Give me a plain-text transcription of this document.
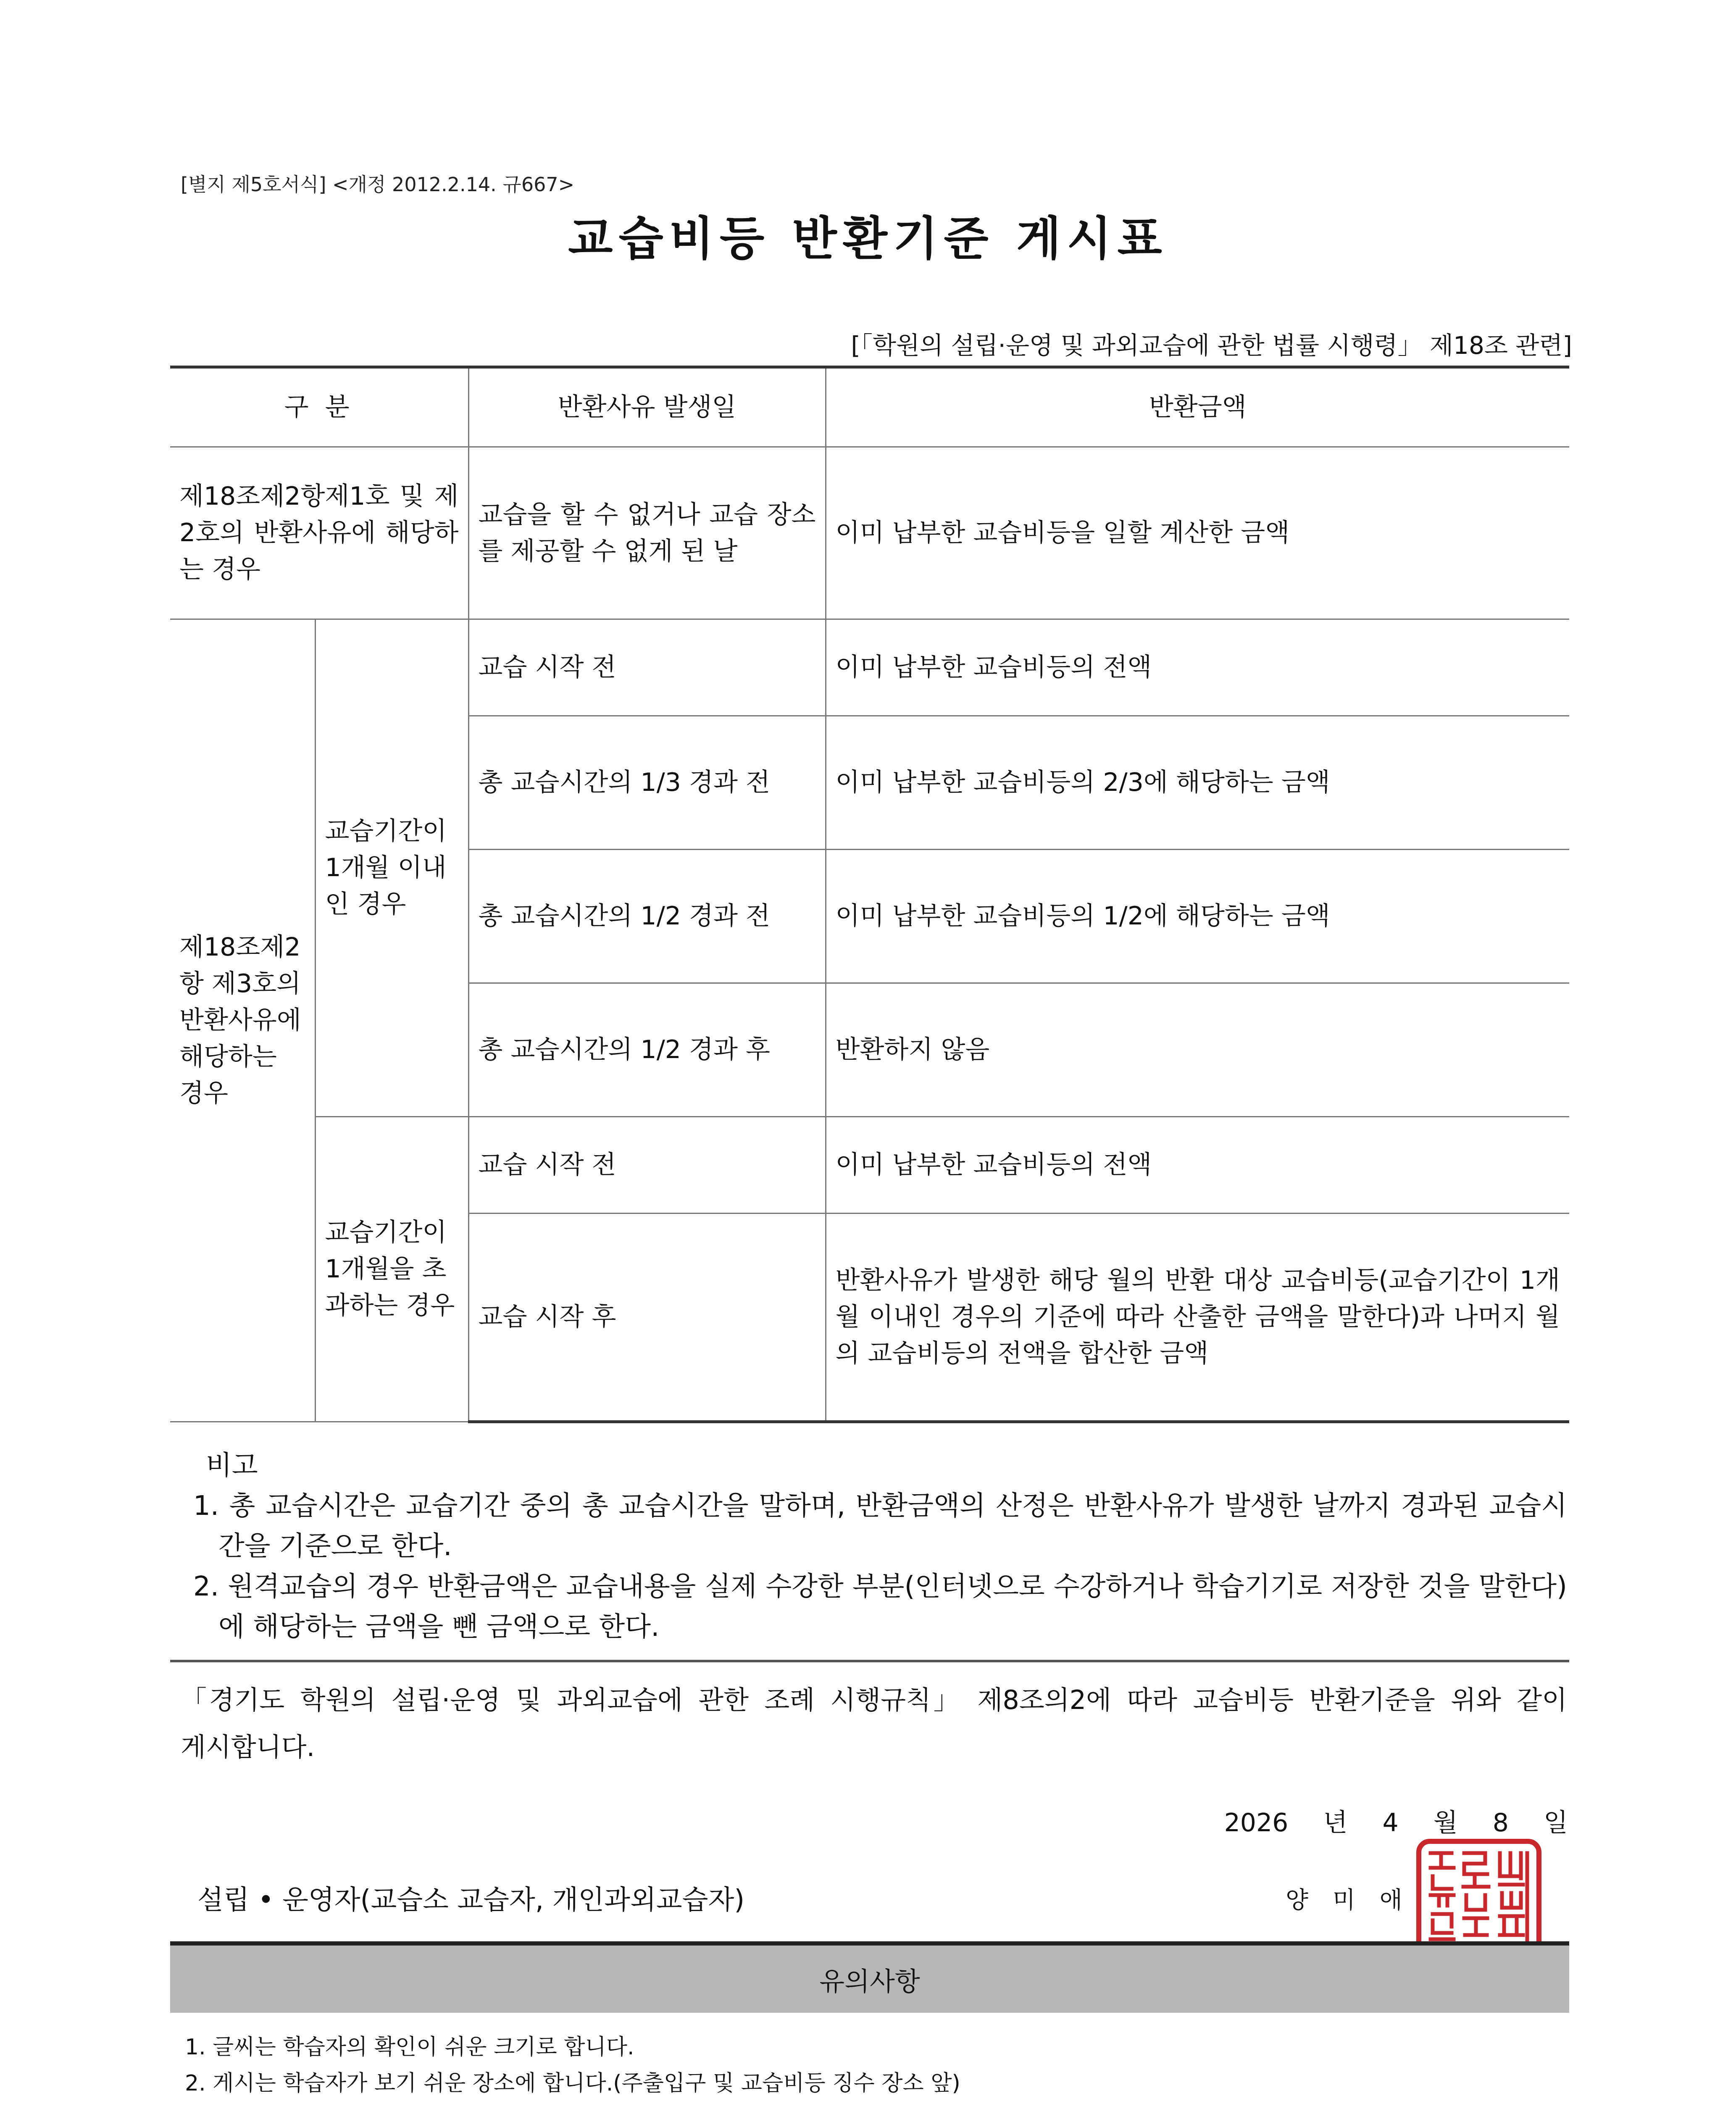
[별지 제5호서식] <개정 2012.2.14. 규667>
교습비등 반환기준 게시표
[「학원의 설립·운영 및 과외교습에 관한 법률 시행령」 제18조 관련]
구 분		반환사유 발생일	반환금액
제18조제2항제1호 및 제2호의 반환사유에 해당하는 경우		교습을 할 수 없거나 교습 장소를 제공할 수 없게 된 날	이미 납부한 교습비등을 일할 계산한 금액
제18조제2항 제3호의 반환사유에 해당하는 경우	교습기간이 1개월 이내인 경우	교습 시작 전	이미 납부한 교습비등의 전액
		총 교습시간의 1/3 경과 전	이미 납부한 교습비등의 2/3에 해당하는 금액
		총 교습시간의 1/2 경과 전	이미 납부한 교습비등의 1/2에 해당하는 금액
		총 교습시간의 1/2 경과 후	반환하지 않음
	교습기간이 1개월을 초과하는 경우	교습 시작 전	이미 납부한 교습비등의 전액
		교습 시작 후	반환사유가 발생한 해당 월의 반환 대상 교습비등(교습기간이 1개월 이내인 경우의 기준에 따라 산출한 금액을 말한다)과 나머지 월의 교습비등의 전액을 합산한 금액
비고
1. 총 교습시간은 교습기간 중의 총 교습시간을 말하며, 반환금액의 산정은 반환사유가 발생한 날까지 경과된 교습시간을 기준으로 한다.
2. 원격교습의 경우 반환금액은 교습내용을 실제 수강한 부분(인터넷으로 수강하거나 학습기기로 저장한 것을 말한다)에 해당하는 금액을 뺀 금액으로 한다.
「경기도 학원의 설립·운영 및 과외교습에 관한 조례 시행규칙」 제8조의2에 따라 교습비등 반환기준을 위와 같이 게시합니다.
2026 년 4 월 8 일
설립 • 운영자(교습소 교습자, 개인과외교습자)	양 미 애
유의사항
1. 글씨는 학습자의 확인이 쉬운 크기로 합니다.
2. 게시는 학습자가 보기 쉬운 장소에 합니다.(주출입구 및 교습비등 징수 장소 앞)
